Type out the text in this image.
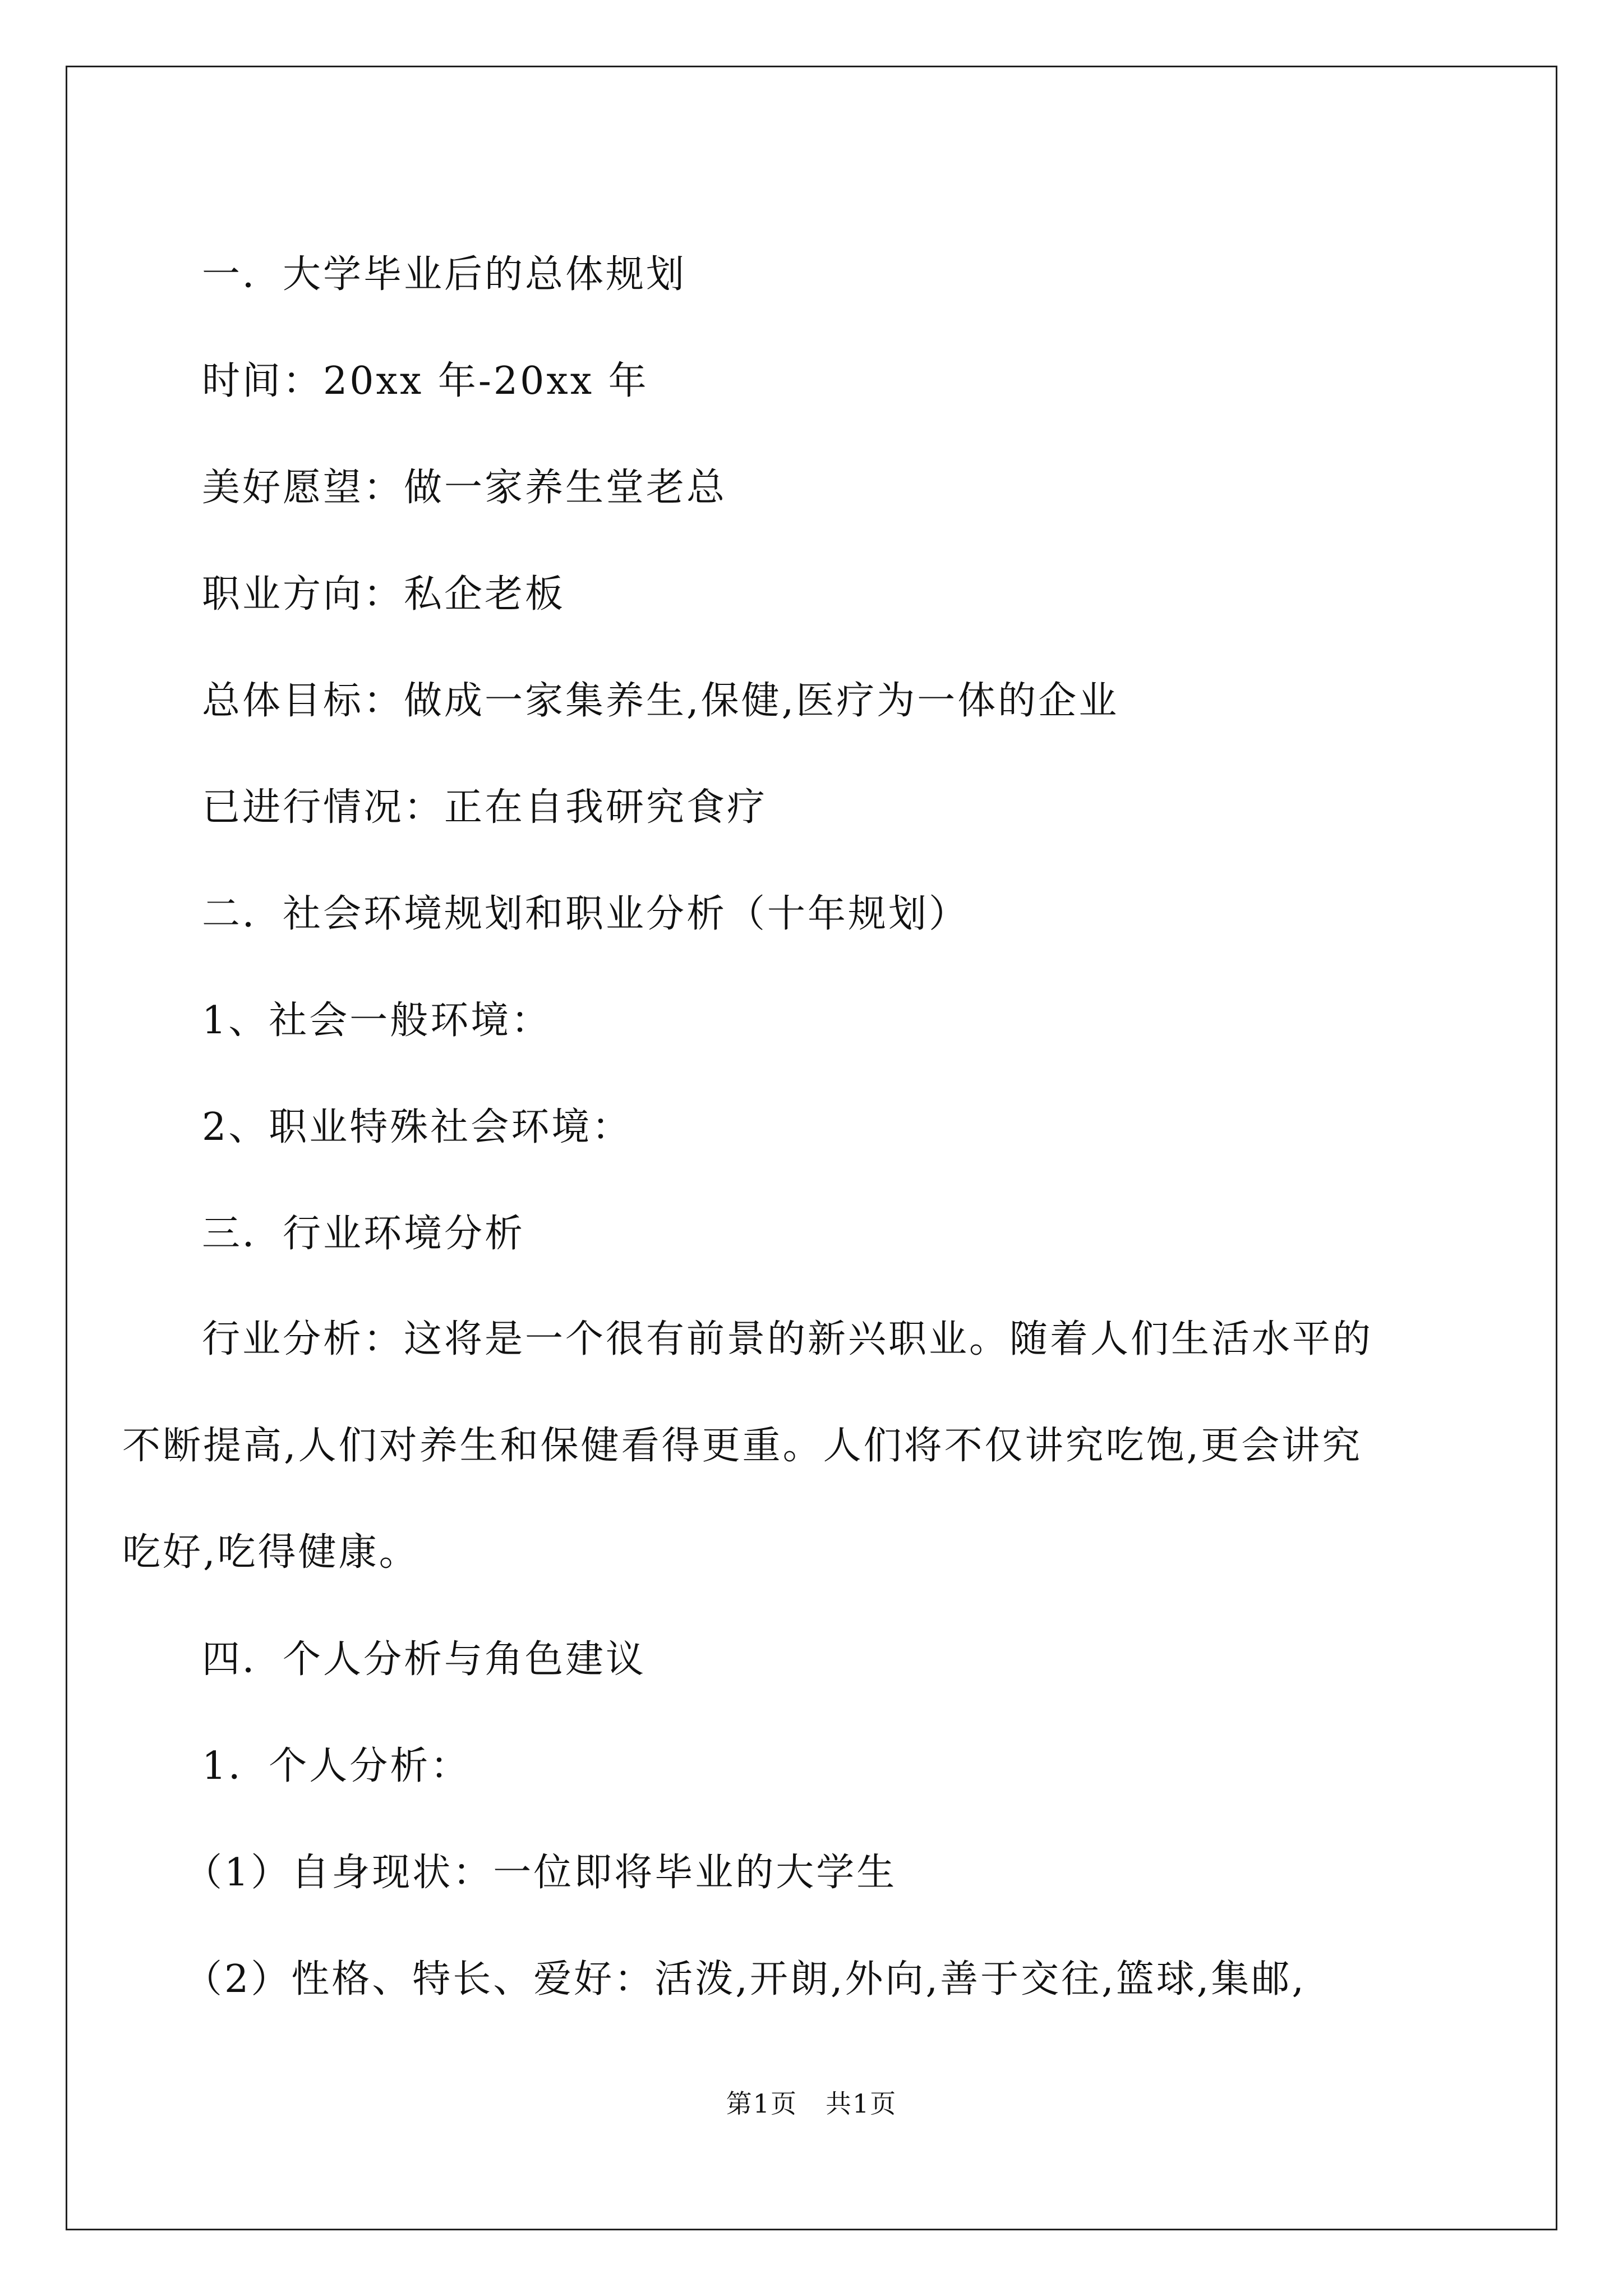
一．大学毕业后的总体规划
时间：20xx 年-20xx 年
美好愿望：做一家养生堂老总
职业方向：私企老板
总体目标：做成一家集养生,保健,医疗为一体的企业
已进行情况：正在自我研究食疗
二．社会环境规划和职业分析（十年规划）
1、社会一般环境：
2、职业特殊社会环境：
三．行业环境分析
行业分析：这将是一个很有前景的新兴职业。随着人们生活水平的不断提高,人们对养生和保健看得更重。人们将不仅讲究吃饱,更会讲究吃好,吃得健康。
四．个人分析与角色建议
1．个人分析：
（1）自身现状：一位即将毕业的大学生
（2）性格、特长、爱好：活泼,开朗,外向,善于交往,篮球,集邮,
第1页 共1页
